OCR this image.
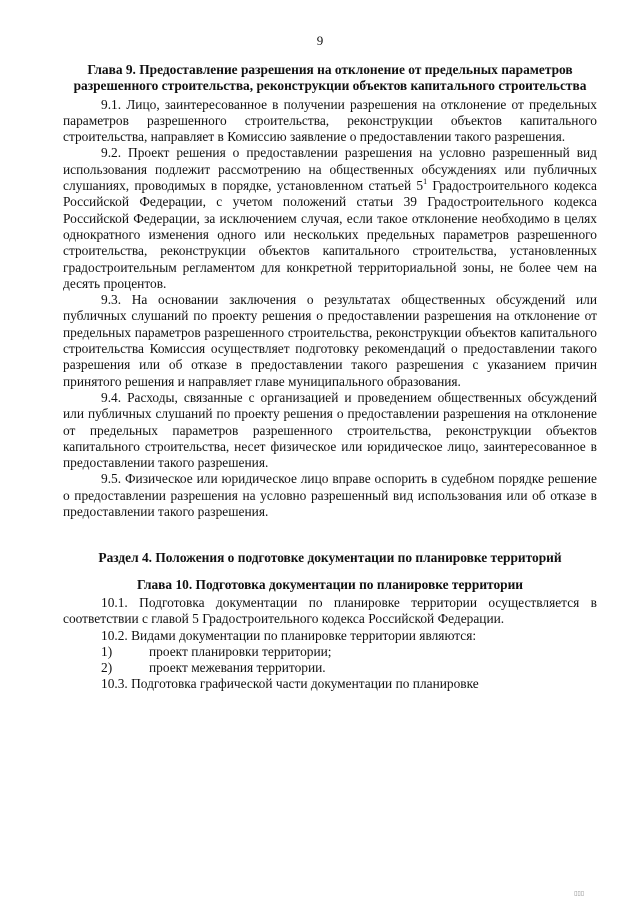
9

Глава 9. Предоставление разрешения на отклонение от предельных параметров разрешенного строительства, реконструкции объектов капитального строительства

9.1. Лицо, заинтересованное в получении разрешения на отклонение от предельных параметров разрешенного строительства, реконструкции объектов капитального строительства, направляет в Комиссию заявление о предоставлении такого разрешения.

9.2. Проект решения о предоставлении разрешения на условно разрешенный вид использования подлежит рассмотрению на общественных обсуждениях или публичных слушаниях, проводимых в порядке, установленном статьей $5^1$ Градостроительного кодекса Российской Федерации, с учетом положений статьи 39 Градостроительного кодекса Российской Федерации, за исключением случая, если такое отклонение необходимо в целях однократного изменения одного или нескольких предельных параметров разрешенного строительства, реконструкции объектов капитального строительства, установленных градостроительным регламентом для конкретной территориальной зоны, не более чем на десять процентов.

9.3. На основании заключения о результатах общественных обсуждений или публичных слушаний по проекту решения о предоставлении разрешения на отклонение от предельных параметров разрешенного строительства, реконструкции объектов капитального строительства Комиссия осуществляет подготовку рекомендаций о предоставлении такого разрешения или об отказе в предоставлении такого разрешения с указанием причин принятого решения и направляет главе муниципального образования.

9.4. Расходы, связанные с организацией и проведением общественных обсуждений или публичных слушаний по проекту решения о предоставлении разрешения на отклонение от предельных параметров разрешенного строительства, реконструкции объектов капитального строительства, несет физическое или юридическое лицо, заинтересованное в предоставлении такого разрешения.

9.5. Физическое или юридическое лицо вправе оспорить в судебном порядке решение о предоставлении разрешения на условно разрешенный вид использования или об отказе в предоставлении такого разрешения.

Раздел 4. Положения о подготовке документации по планировке территорий

Глава 10. Подготовка документации по планировке территории

10.1. Подготовка документации по планировке территории осуществляется в соответствии с главой 5 Градостроительного кодекса Российской Федерации.

10.2. Видами документации по планировке территории являются:

1)	проект планировки территории;

2)	проект межевания территории.

10.3. Подготовка графической части документации по планировке

▯▯▯
